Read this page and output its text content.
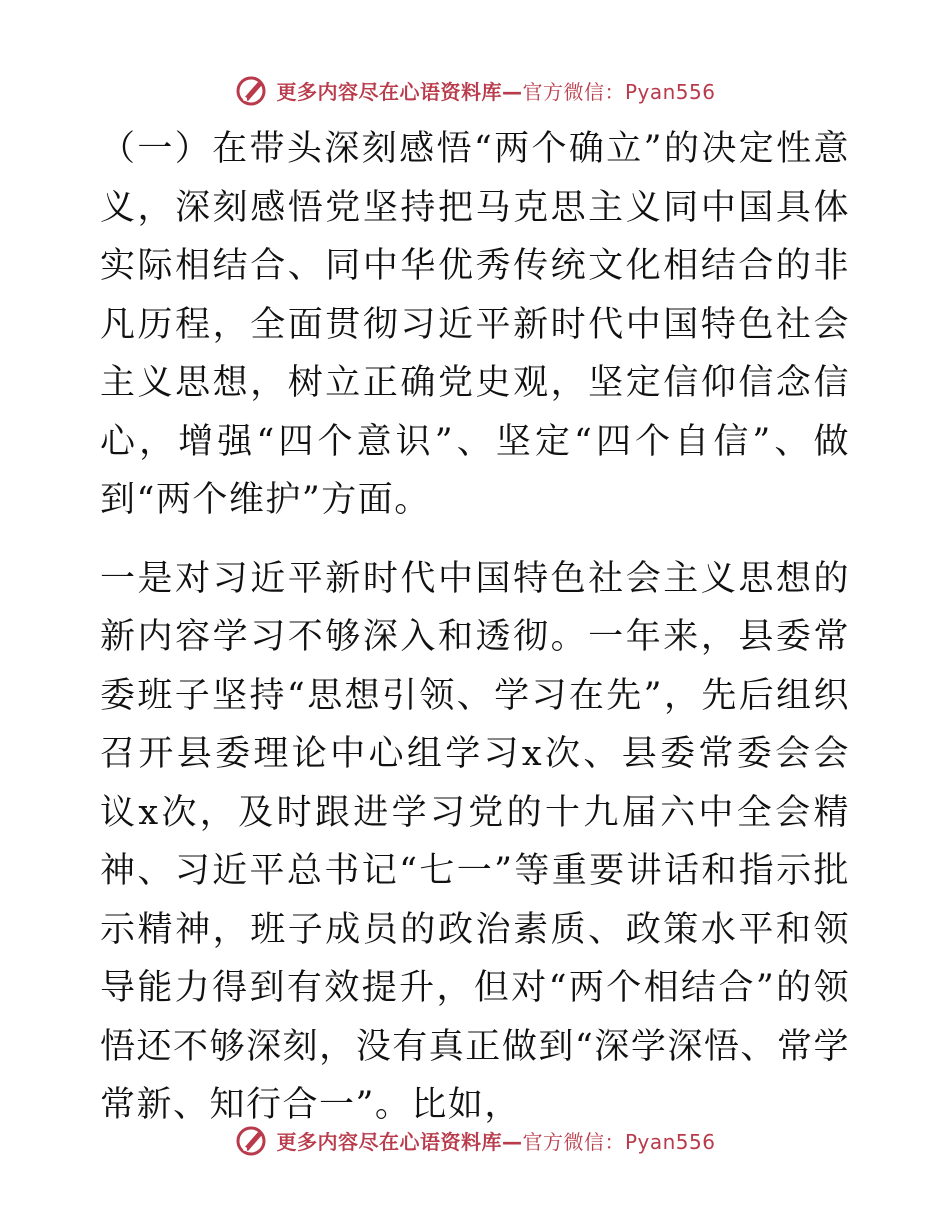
更多内容尽在心语资料库—官方微信：Pyan556

（一）在带头深刻感悟“两个确立”的决定性意义，深刻感悟党坚持把马克思主义同中国具体实际相结合、同中华优秀传统文化相结合的非凡历程，全面贯彻习近平新时代中国特色社会主义思想，树立正确党史观，坚定信仰信念信心，增强“四个意识”、坚定“四个自信”、做到“两个维护”方面。

一是对习近平新时代中国特色社会主义思想的新内容学习不够深入和透彻。一年来，县委常委班子坚持“思想引领、学习在先”，先后组织召开县委理论中心组学习x次、县委常委会会议x次，及时跟进学习党的十九届六中全会精神、习近平总书记“七一”等重要讲话和指示批示精神，班子成员的政治素质、政策水平和领导能力得到有效提升，但对“两个相结合”的领悟还不够深刻，没有真正做到“深学深悟、常学常新、知行合一”。比如，

更多内容尽在心语资料库—官方微信：Pyan556
